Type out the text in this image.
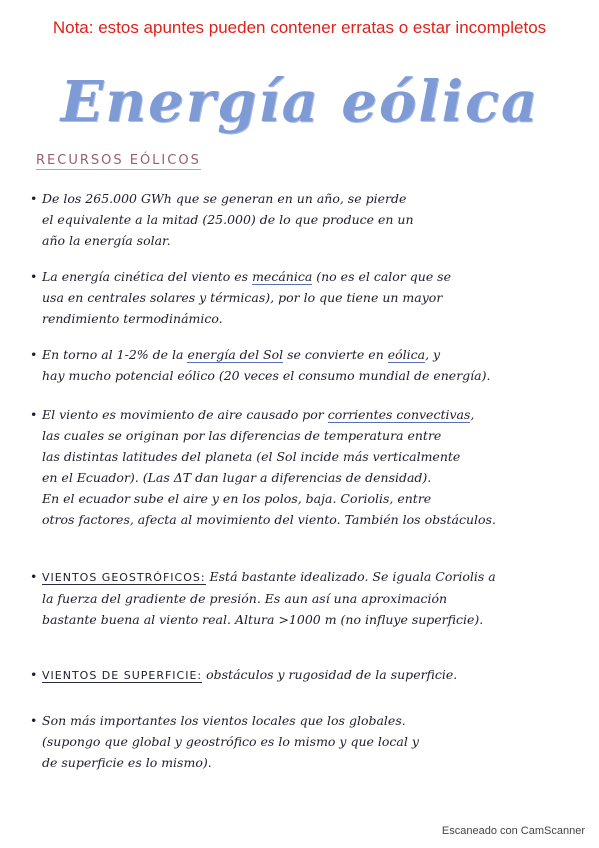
Nota: estos apuntes pueden contener erratas o estar incompletos
Energía eólica
RECURSOS EÓLICOS

• De los 265.000 GWh que se generan en un año, se pierde

el equivalente a la mitad (25.000) de lo que produce en un

año la energía solar.

• La energía cinética del viento es mecánica (no es el calor que se

usa en centrales solares y térmicas), por lo que tiene un mayor

rendimiento termodinámico.

• En torno al 1-2% de la energía del Sol se convierte en eólica, y

hay mucho potencial eólico (20 veces el consumo mundial de energía).

• El viento es movimiento de aire causado por corrientes convectivas,

las cuales se originan por las diferencias de temperatura entre

las distintas latitudes del planeta (el Sol incide más verticalmente

en el Ecuador). (Las ΔT dan lugar a diferencias de densidad).

En el ecuador sube el aire y en los polos, baja. Coriolis, entre

otros factores, afecta al movimiento del viento. También los obstáculos.

• VIENTOS GEOSTRÓFICOS: Está bastante idealizado. Se iguala Coriolis a

la fuerza del gradiente de presión. Es aun así una aproximación

bastante buena al viento real. Altura >1000 m (no influye superficie).

• VIENTOS DE SUPERFICIE: obstáculos y rugosidad de la superficie.

• Son más importantes los vientos locales que los globales.

(supongo que global y geostrófico es lo mismo y que local y

de superficie es lo mismo).

Escaneado con CamScanner
